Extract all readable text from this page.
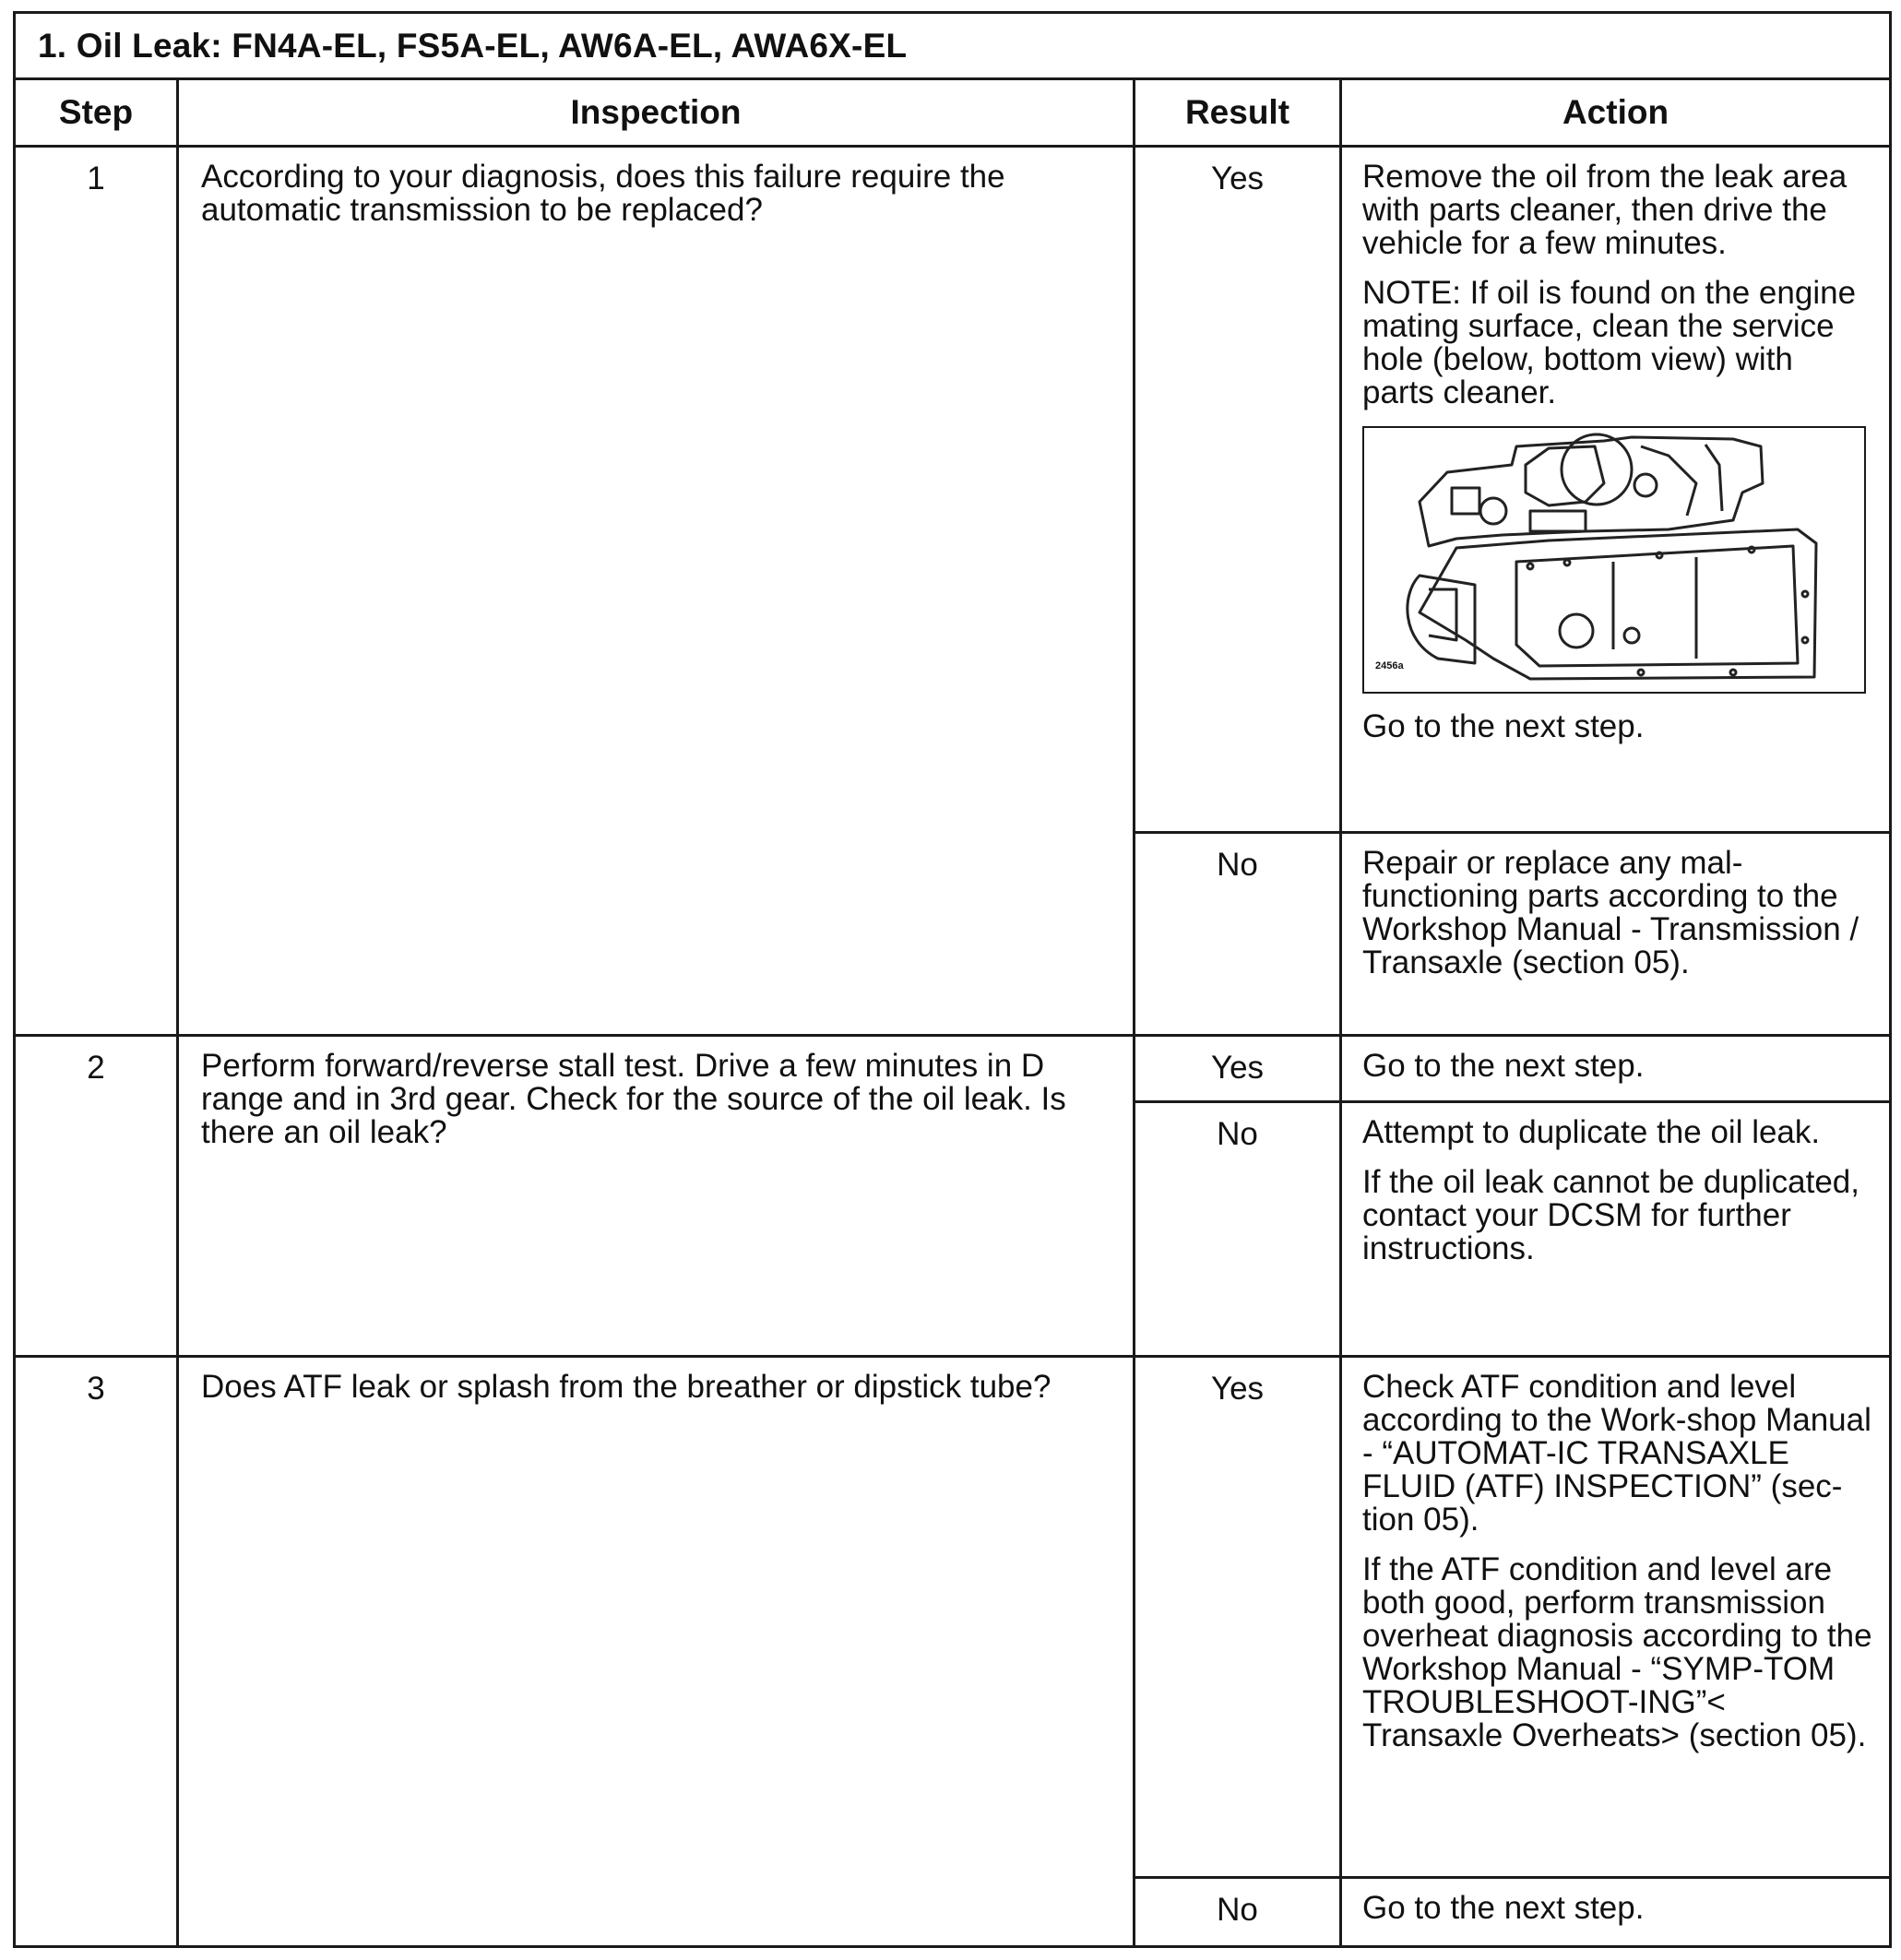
1. Oil Leak: FN4A-EL, FS5A-EL, AW6A-EL, AWA6X-EL			
Step	Inspection	Result	Action
1	According to your diagnosis, does this failure require the automatic transmission to be replaced?	Yes	Remove the oil from the leak area with parts cleaner, then drive the vehicle for a few minutes.

NOTE: If oil is found on the engine mating surface, clean the service hole (below, bottom view) with parts cleaner.

2456a

Go to the next step.

		No	Repair or replace any mal-functioning parts according to the Workshop Manual - Transmission / Transaxle (section 05).

2	Perform forward/reverse stall test. Drive a few minutes in D range and in 3rd gear. Check for the source of the oil leak. Is there an oil leak?	Yes	Go to the next step.

		No	Attempt to duplicate the oil leak.

If the oil leak cannot be duplicated, contact your DCSM for further instructions.

3	Does ATF leak or splash from the breather or dipstick tube?	Yes	Check ATF condition and level according to the Work-shop Manual - “AUTOMAT-IC TRANSAXLE FLUID (ATF) INSPECTION” (sec-tion 05).

If the ATF condition and level are both good, perform transmission overheat diagnosis according to the Workshop Manual - “SYMP-TOM TROUBLESHOOT-ING”< Transaxle Overheats> (section 05).

		No	Go to the next step.
